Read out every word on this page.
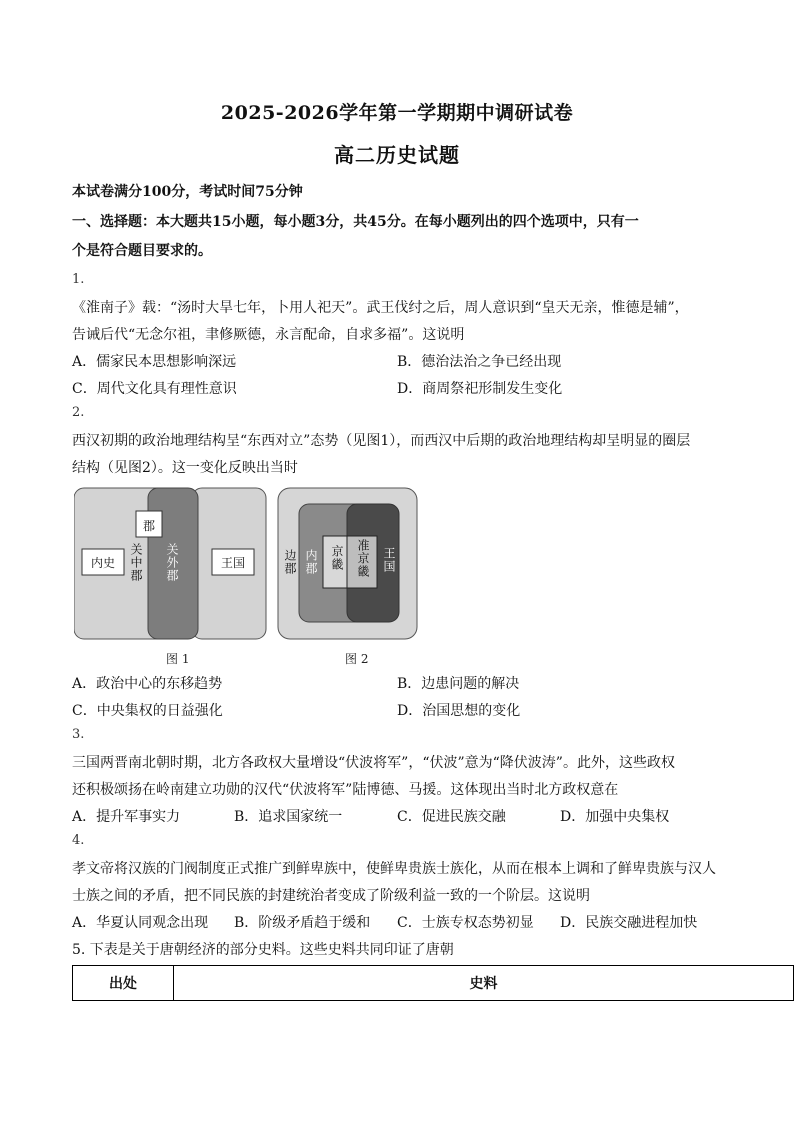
2025-2026学年第一学期期中调研试卷
高二历史试题
本试卷满分100分，考试时间75分钟
一、选择题：本大题共15小题，每小题3分，共45分。在每小题列出的四个选项中，只有一
个是符合题目要求的。
1.
《淮南子》载：“汤时大旱七年，卜用人祀天”。武王伐纣之后，周人意识到“皇天无亲，惟德是辅”，
告诫后代“无念尔祖，聿修厥德，永言配命，自求多福”。这说明
A．儒家民本思想影响深远	B．德治法治之争已经出现
C．周代文化具有理性意识	D．商周祭祀形制发生变化
2.
西汉初期的政治地理结构呈“东西对立”态势（见图1），而西汉中后期的政治地理结构却呈明显的圈层
结构（见图2）。这一变化反映出当时
内史
郡
关中郡 关外郡	王国
图 1
边郡 内郡 京畿 准京畿 王国
图 2
A．政治中心的东移趋势	B．边患问题的解决
C．中央集权的日益强化	D．治国思想的变化
3.
三国两晋南北朝时期，北方各政权大量增设“伏波将军”，“伏波”意为“降伏波涛”。此外，这些政权
还积极颂扬在岭南建立功勋的汉代“伏波将军”陆博德、马援。这体现出当时北方政权意在
A．提升军事实力	B．追求国家统一	C．促进民族交融	D．加强中央集权
4.
孝文帝将汉族的门阀制度正式推广到鲜卑族中，使鲜卑贵族士族化，从而在根本上调和了鲜卑贵族与汉人
士族之间的矛盾，把不同民族的封建统治者变成了阶级利益一致的一个阶层。这说明
A．华夏认同观念出现 B．阶级矛盾趋于缓和 C．士族专权态势初显 D．民族交融进程加快
5. 下表是关于唐朝经济的部分史料。这些史料共同印证了唐朝
出处	史料
